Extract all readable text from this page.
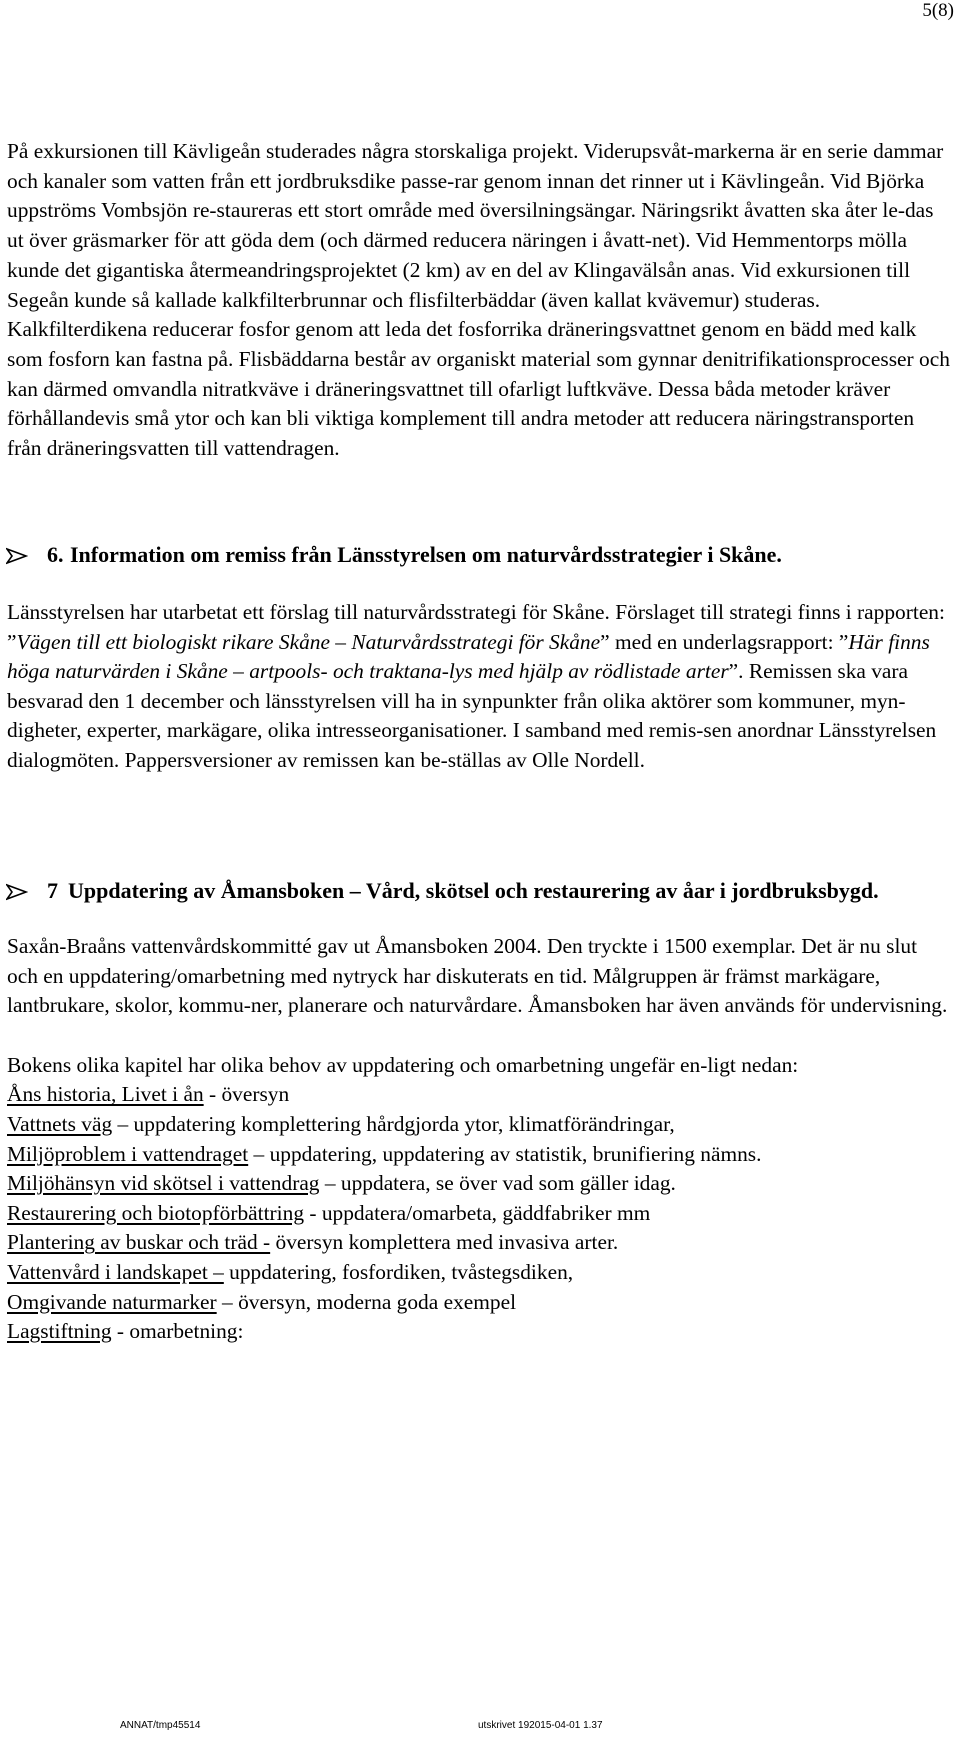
5(8)

På exkursionen till Kävligeån studerades några storskaliga projekt. Viderupsvåt-markerna är en serie dammar och kanaler som vatten från ett jordbruksdike passe-rar genom innan det rinner ut i Kävlingeån. Vid Björka uppströms Vombsjön re-staureras ett stort område med översilningsängar. Näringsrikt åvatten ska åter le-das ut över gräsmarker för att göda dem (och därmed reducera näringen i åvatt-net). Vid Hemmentorps mölla kunde det gigantiska återmeandringsprojektet (2 km) av en del av Klingavälsån anas. Vid exkursionen till Segeån kunde så kallade kalkfilterbrunnar och flisfilterbäddar (även kallat kvävemur) studeras. Kalkfilterdikena reducerar fosfor genom att leda det fosforrika dräneringsvattnet genom en bädd med kalk som fosforn kan fastna på. Flisbäddarna består av organiskt material som gynnar denitrifikationsprocesser och kan därmed omvandla nitratkväve i dräneringsvattnet till ofarligt luftkväve. Dessa båda metoder kräver förhållandevis små ytor och kan bli viktiga komplement till andra metoder att reducera näringstransporten från dräneringsvatten till vattendragen.

6. Information om remiss från Länsstyrelsen om naturvårdsstrategier i Skåne.

Länsstyrelsen har utarbetat ett förslag till naturvårdsstrategi för Skåne. Förslaget till strategi finns i rapporten:

”Vägen till ett biologiskt rikare Skåne – Naturvårdsstrategi för Skåne” med en underlagsrapport: ”Här finns höga naturvärden i Skåne – artpools- och traktana-lys med hjälp av rödlistade arter”. Remissen ska vara besvarad den 1 december och länsstyrelsen vill ha in synpunkter från olika aktörer som kommuner, myn-digheter, experter, markägare, olika intresseorganisationer. I samband med remis-sen anordnar Länsstyrelsen dialogmöten. Pappersversioner av remissen kan be-ställas av Olle Nordell.

7 Uppdatering av Åmansboken – Vård, skötsel och restaurering av åar i jordbruksbygd.

Saxån-Braåns vattenvårdskommitté gav ut Åmansboken 2004. Den tryckte i 1500 exemplar. Det är nu slut och en uppdatering/omarbetning med nytryck har diskuterats en tid. Målgruppen är främst markägare, lantbrukare, skolor, kommu-ner, planerare och naturvårdare. Åmansboken har även används för undervisning.

Bokens olika kapitel har olika behov av uppdatering och omarbetning ungefär en-ligt nedan:

Åns historia, Livet i ån - översyn
Vattnets väg – uppdatering komplettering hårdgjorda ytor, klimatförändringar,
Miljöproblem i vattendraget – uppdatering, uppdatering av statistik, brunifiering nämns.
Miljöhänsyn vid skötsel i vattendrag – uppdatera, se över vad som gäller idag.
Restaurering och biotopförbättring - uppdatera/omarbeta, gäddfabriker mm
Plantering av buskar och träd - översyn komplettera med invasiva arter.
Vattenvård i landskapet – uppdatering, fosfordiken, tvåstegsdiken,
Omgivande naturmarker – översyn, moderna goda exempel
Lagstiftning - omarbetning:
ANNAT/tmp45514	utskrivet 192015-04-01 1.37
